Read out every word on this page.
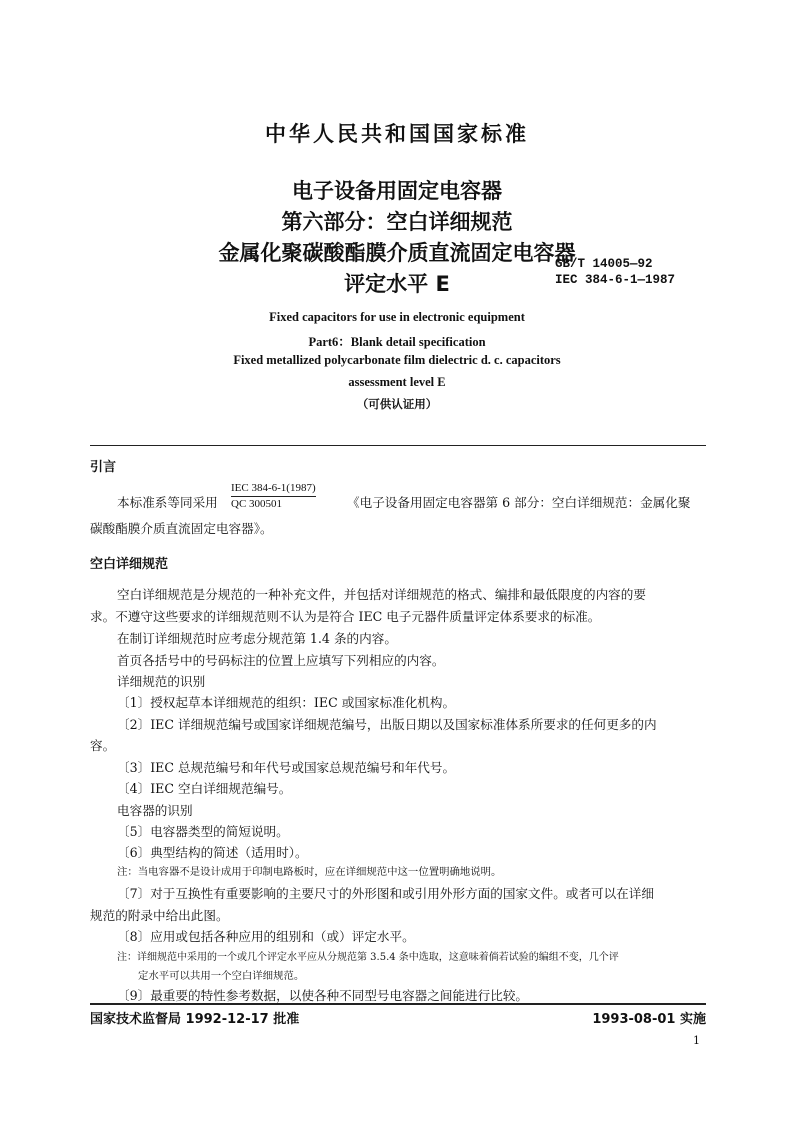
中华人民共和国国家标准
电子设备用固定电容器
第六部分：空白详细规范
金属化聚碳酸酯膜介质直流固定电容器
评定水平 E
GB/T 14005—92
IEC 384-6-1—1987
Fixed capacitors for use in electronic equipment
Part6：Blank detail specification
Fixed metallized polycarbonate film dielectric d. c. capacitors
assessment level E
（可供认证用）
引言
本标准系等同采用
IEC 384-6-1(1987)
QC 300501	《电子设备用固定电容器第 6 部分：空白详细规范：金属化聚
碳酸酯膜介质直流固定电容器》。
空白详细规范
空白详细规范是分规范的一种补充文件，并包括对详细规范的格式、编排和最低限度的内容的要
求。不遵守这些要求的详细规范则不认为是符合 IEC 电子元器件质量评定体系要求的标准。
在制订详细规范时应考虑分规范第 1.4 条的内容。
首页各括号中的号码标注的位置上应填写下列相应的内容。
详细规范的识别
〔1〕授权起草本详细规范的组织：IEC 或国家标准化机构。
〔2〕IEC 详细规范编号或国家详细规范编号，出版日期以及国家标准体系所要求的任何更多的内
容。
〔3〕IEC 总规范编号和年代号或国家总规范编号和年代号。
〔4〕IEC 空白详细规范编号。
电容器的识别
〔5〕电容器类型的简短说明。
〔6〕典型结构的简述（适用时）。
注：当电容器不是设计成用于印制电路板时，应在详细规范中这一位置明确地说明。
〔7〕对于互换性有重要影响的主要尺寸的外形图和或引用外形方面的国家文件。或者可以在详细
规范的附录中给出此图。
〔8〕应用或包括各种应用的组别和（或）评定水平。
注：详细规范中采用的一个或几个评定水平应从分规范第 3.5.4 条中选取，这意味着倘若试验的编组不变，几个评
定水平可以共用一个空白详细规范。
〔9〕最重要的特性参考数据，以使各种不同型号电容器之间能进行比较。
国家技术监督局 1992-12-17 批准	1993-08-01 实施
1
